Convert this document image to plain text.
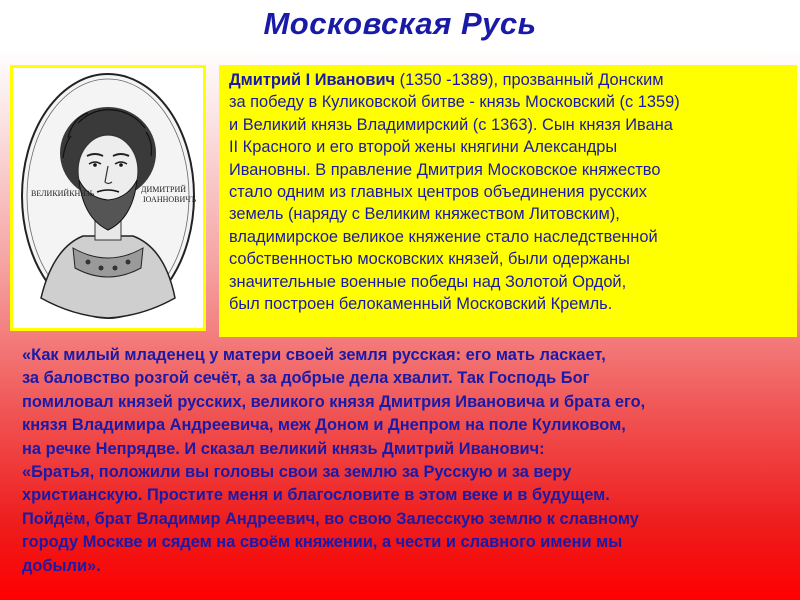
Московская Русь
ВЕЛИКИЙКНЯЗЬ	ДИМИТРИЙ
ІОАННОВИЧЪ
Дмитрий I Иванович (1350 -1389), прозванный Донским
за победу в Куликовской битве - князь Московский (с 1359)
и Великий князь Владимирский (с 1363). Сын князя Ивана
II Красного и его второй жены княгини Александры
Ивановны. В правление Дмитрия Московское княжество
стало одним из главных центров объединения русских
земель (наряду с Великим княжеством Литовским),
владимирское великое княжение стало наследственной
собственностью московских князей, были одержаны
значительные военные победы над Золотой Ордой,
был построен белокаменный Московский Кремль.
«Как милый младенец у матери своей земля русская: его мать ласкает,
за баловство розгой сечёт, а за добрые дела хвалит. Так Господь Бог
помиловал князей русских, великого князя Дмитрия Ивановича и брата его,
князя Владимира Андреевича, меж Доном и Днепром на поле Куликовом,
на речке Непрядве. И сказал великий князь Дмитрий Иванович:
«Братья, положили вы головы свои за землю за Русскую и за веру
христианскую. Простите меня и благословите в этом веке и в будущем.
Пойдём, брат Владимир Андреевич, во свою Залесскую землю к славному
городу Москве и сядем на своём княжении, а чести и славного имени мы
добыли».
